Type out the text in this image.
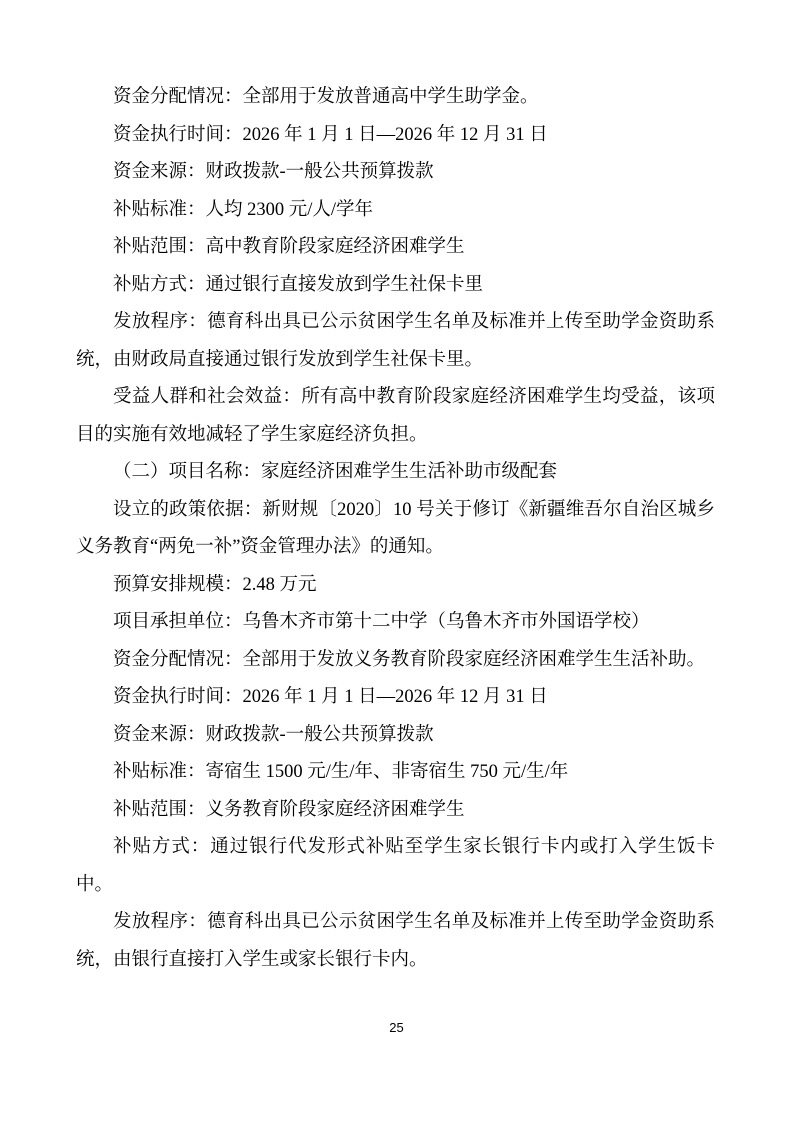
资金分配情况：全部用于发放普通高中学生助学金。

资金执行时间：2026 年 1 月 1 日—2026 年 12 月 31 日

资金来源：财政拨款-一般公共预算拨款

补贴标准：人均 2300 元/人/学年

补贴范围：高中教育阶段家庭经济困难学生

补贴方式：通过银行直接发放到学生社保卡里

发放程序：德育科出具已公示贫困学生名单及标准并上传至助学金资助系统，由财政局直接通过银行发放到学生社保卡里。

受益人群和社会效益：所有高中教育阶段家庭经济困难学生均受益，该项目的实施有效地减轻了学生家庭经济负担。

（二）项目名称：家庭经济困难学生生活补助市级配套

设立的政策依据：新财规〔2020〕10 号关于修订《新疆维吾尔自治区城乡义务教育“两免一补”资金管理办法》的通知。

预算安排规模：2.48 万元

项目承担单位：乌鲁木齐市第十二中学（乌鲁木齐市外国语学校）

资金分配情况：全部用于发放义务教育阶段家庭经济困难学生生活补助。

资金执行时间：2026 年 1 月 1 日—2026 年 12 月 31 日

资金来源：财政拨款-一般公共预算拨款

补贴标准：寄宿生 1500 元/生/年、非寄宿生 750 元/生/年

补贴范围：义务教育阶段家庭经济困难学生

补贴方式：通过银行代发形式补贴至学生家长银行卡内或打入学生饭卡中。

发放程序：德育科出具已公示贫困学生名单及标准并上传至助学金资助系统，由银行直接打入学生或家长银行卡内。

25
